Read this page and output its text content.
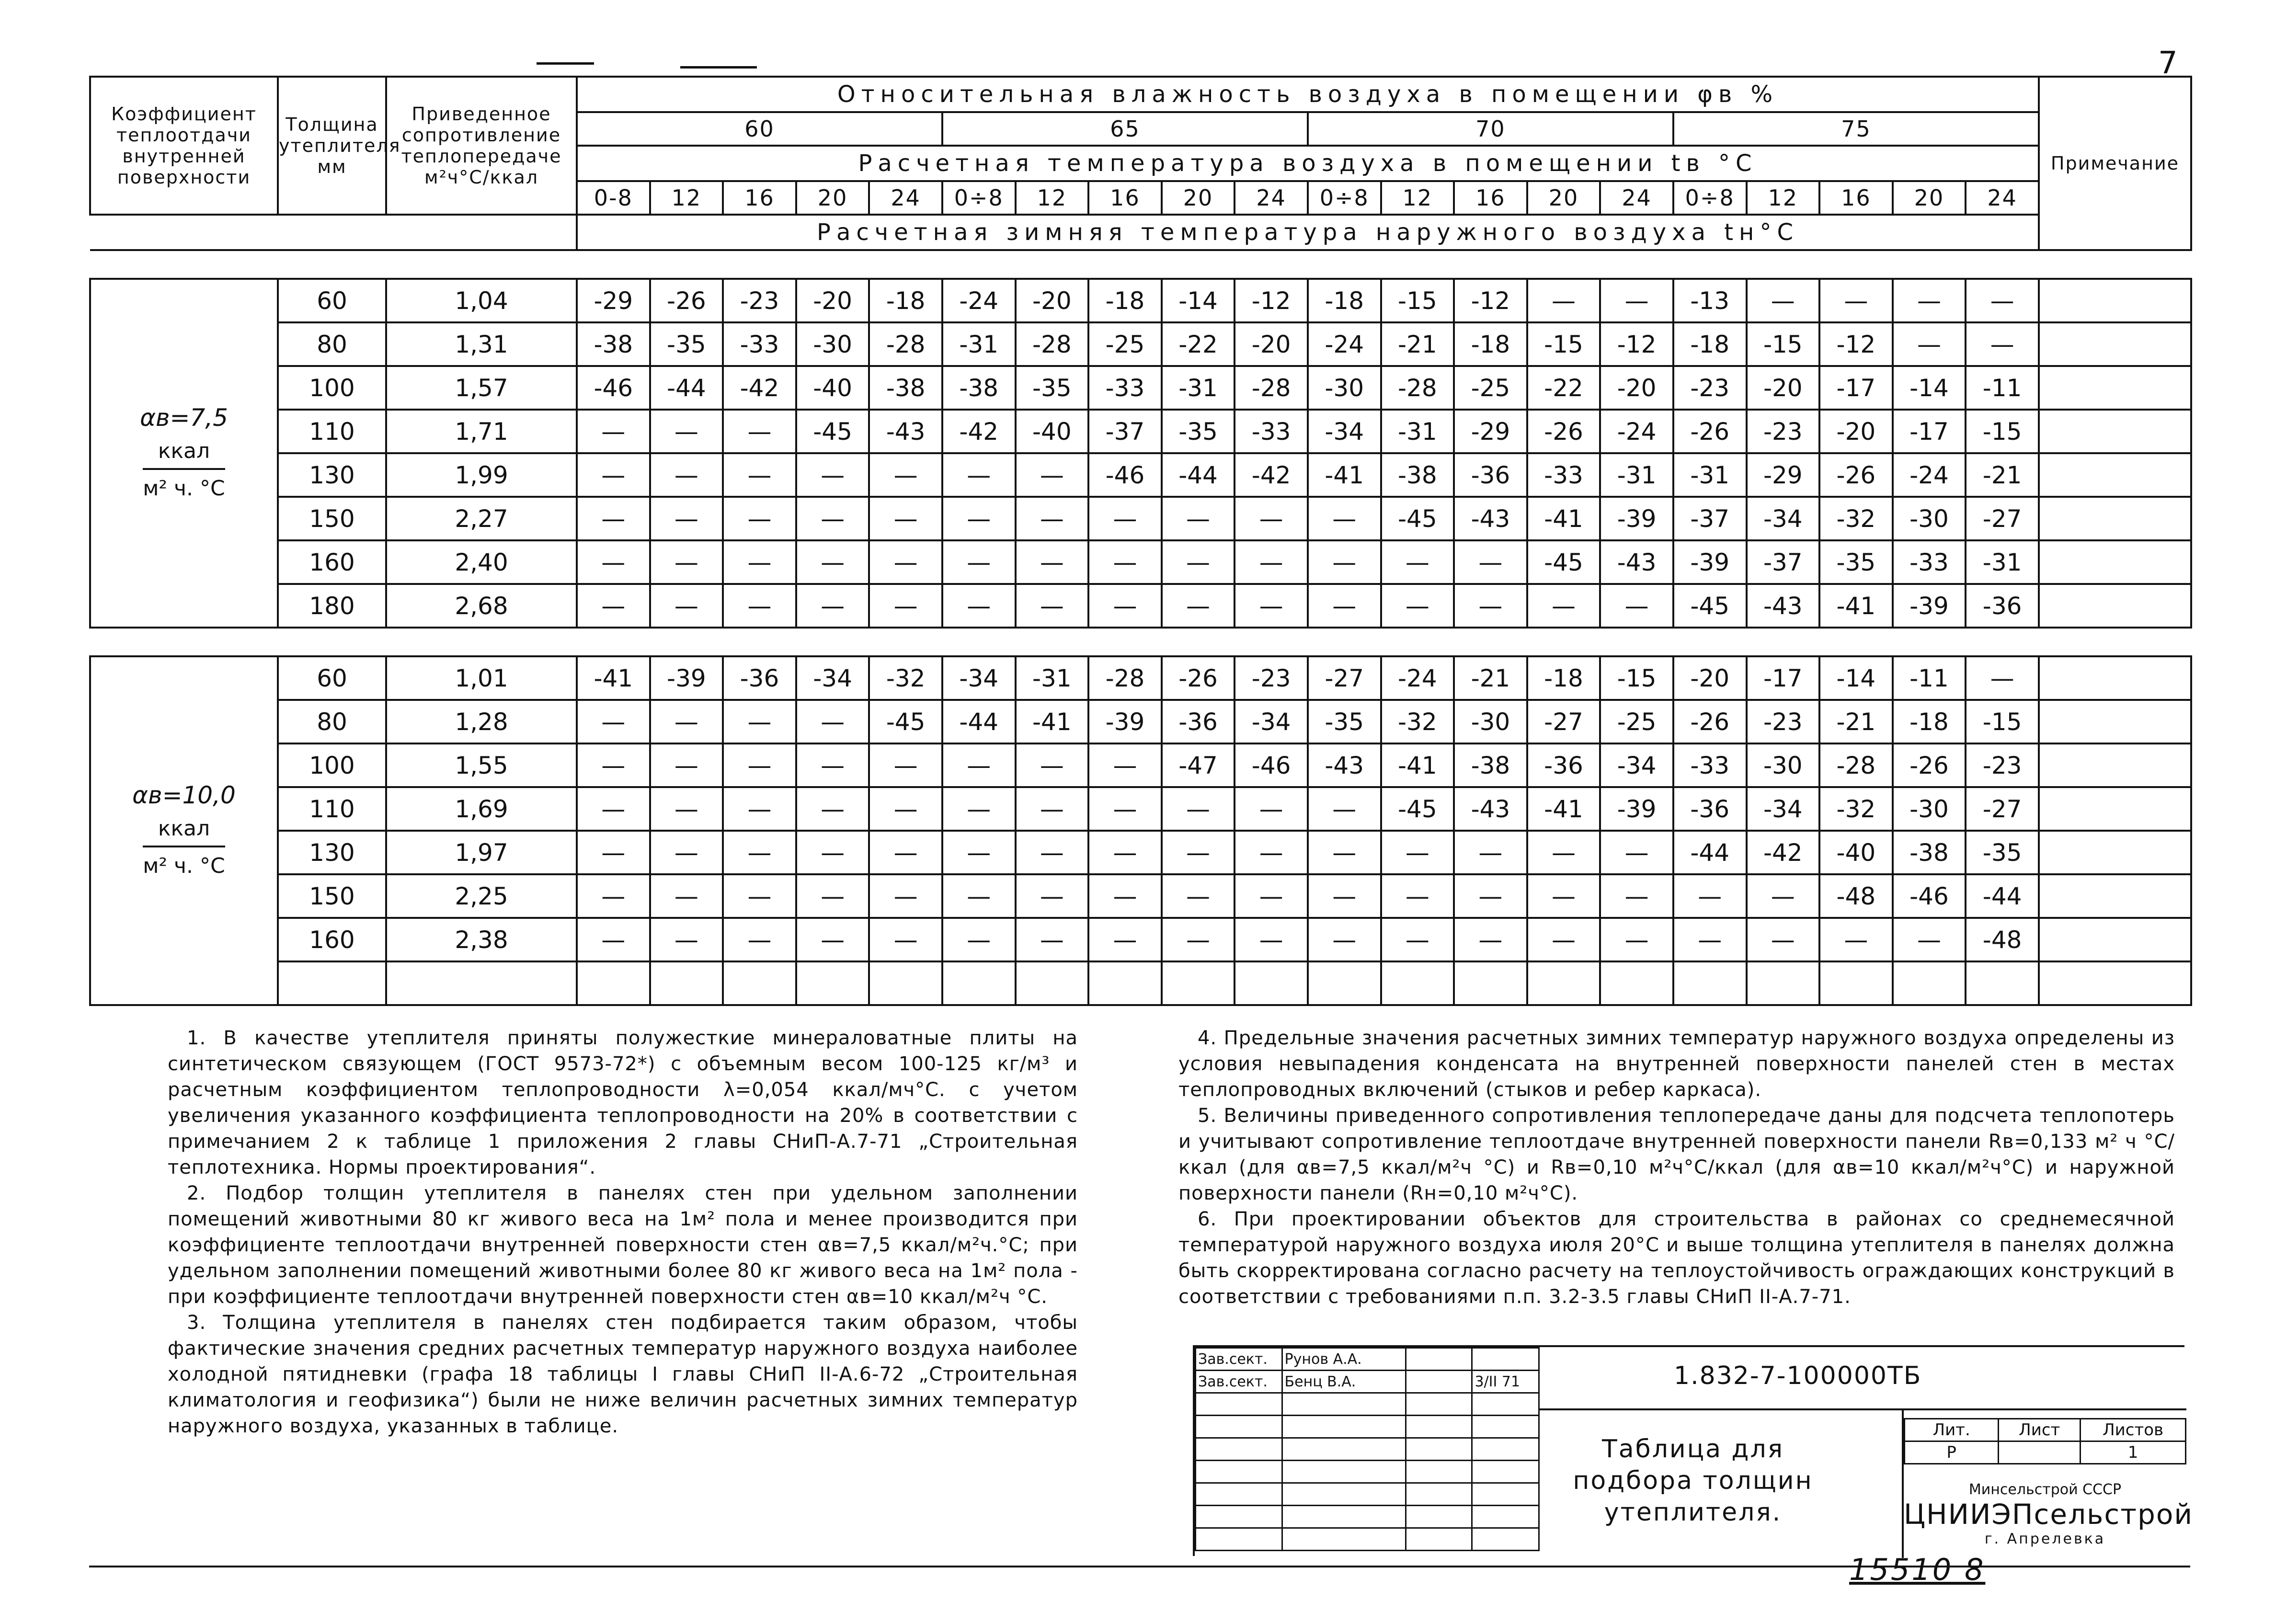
7
Коэффициент теплоотдачи внутренней поверхности	Толщина утеплителя мм	Приведенное сопротивление теплопередаче м²ч°С/ккал	Относительная влажность воздуха в помещении φв %																				Примечание
			60					65					70					75					
			Расчетная температура воздуха в помещении tв °С																				
			0-8	12	16	20	24	0÷8	12	16	20	24	0÷8	12	16	20	24	0÷8	12	16	20	24	
			Расчетная зимняя температура наружного воздуха tн°С																				

αв=7,5

ккал
м² ч. °С	60	1,04	-29	-26	-23	-20	-18	-24	-20	-18	-14	-12	-18	-15	-12	—	—	-13	—	—	—	—	
	80	1,31	-38	-35	-33	-30	-28	-31	-28	-25	-22	-20	-24	-21	-18	-15	-12	-18	-15	-12	—	—	
	100	1,57	-46	-44	-42	-40	-38	-38	-35	-33	-31	-28	-30	-28	-25	-22	-20	-23	-20	-17	-14	-11	
	110	1,71	—	—	—	-45	-43	-42	-40	-37	-35	-33	-34	-31	-29	-26	-24	-26	-23	-20	-17	-15	
	130	1,99	—	—	—	—	—	—	—	-46	-44	-42	-41	-38	-36	-33	-31	-31	-29	-26	-24	-21	
	150	2,27	—	—	—	—	—	—	—	—	—	—	—	-45	-43	-41	-39	-37	-34	-32	-30	-27	
	160	2,40	—	—	—	—	—	—	—	—	—	—	—	—	—	-45	-43	-39	-37	-35	-33	-31	
	180	2,68	—	—	—	—	—	—	—	—	—	—	—	—	—	—	—	-45	-43	-41	-39	-36	

αв=10,0

ккал
м² ч. °С	60	1,01	-41	-39	-36	-34	-32	-34	-31	-28	-26	-23	-27	-24	-21	-18	-15	-20	-17	-14	-11	—	
	80	1,28	—	—	—	—	-45	-44	-41	-39	-36	-34	-35	-32	-30	-27	-25	-26	-23	-21	-18	-15	
	100	1,55	—	—	—	—	—	—	—	—	-47	-46	-43	-41	-38	-36	-34	-33	-30	-28	-26	-23	
	110	1,69	—	—	—	—	—	—	—	—	—	—	—	-45	-43	-41	-39	-36	-34	-32	-30	-27	
	130	1,97	—	—	—	—	—	—	—	—	—	—	—	—	—	—	—	-44	-42	-40	-38	-35	
	150	2,25	—	—	—	—	—	—	—	—	—	—	—	—	—	—	—	—	—	-48	-46	-44	
	160	2,38	—	—	—	—	—	—	—	—	—	—	—	—	—	—	—	—	—	—	—	-48	

1. В качестве утеплителя приняты полужесткие минераловатные плиты на синтетическом связующем (ГОСТ 9573-72*) с объемным весом 100-125 кг/м³ и расчетным коэффициентом теплопроводности λ=0,054 ккал/мч°С. с учетом увеличения указанного коэффициента теплопроводности на 20% в соответствии с примечанием 2 к таблице 1 приложения 2 главы СНиП-А.7-71 „Строительная теплотехника. Нормы проектирования“.

2. Подбор толщин утеплителя в панелях стен при удельном заполнении помещений животными 80 кг живого веса на 1м² пола и менее производится при коэффициенте теплоотдачи внутренней поверхности стен αв=7,5 ккал/м²ч.°С; при удельном заполнении помещений животными более 80 кг живого веса на 1м² пола - при коэффициенте теплоотдачи внутренней поверхности стен αв=10 ккал/м²ч °С.

3. Толщина утеплителя в панелях стен подбирается таким образом, чтобы фактические значения средних расчетных температур наружного воздуха наиболее холодной пятидневки (графа 18 таблицы I главы СНиП II-А.6-72 „Строительная климатология и геофизика“) были не ниже величин расчетных зимних температур наружного воздуха, указанных в таблице.

4. Предельные значения расчетных зимних температур наружного воздуха определены из условия невыпадения конденсата на внутренней поверхности панелей стен в местах теплопроводных включений (стыков и ребер каркаса).

5. Величины приведенного сопротивления теплопередаче даны для подсчета теплопотерь и учитывают сопротивление теплоотдаче внутренней поверхности панели Rв=0,133 м² ч °С/ккал (для αв=7,5 ккал/м²ч °С) и Rв=0,10 м²ч°С/ккал (для αв=10 ккал/м²ч°С) и наружной поверхности панели (Rн=0,10 м²ч°С).

6. При проектировании объектов для строительства в районах со среднемесячной температурой наружного воздуха июля 20°С и выше толщина утеплителя в панелях должна быть скорректирована согласно расчету на теплоустойчивость ограждающих конструкций в соответствии с требованиями п.п. 3.2-3.5 главы СНиП II-А.7-71.

Зав.сект.	Рунов А.А.		
Зав.сект.	Бенц В.А.		3/II 71

				1.832-7-100000ТБ
Таблица для подбора толщин утеплителя.
Лит.	Лист	Листов
Р		1
Минсельстрой СССР
ЦНИИЭПсельстрой
г. Апрелевка
15510 8
